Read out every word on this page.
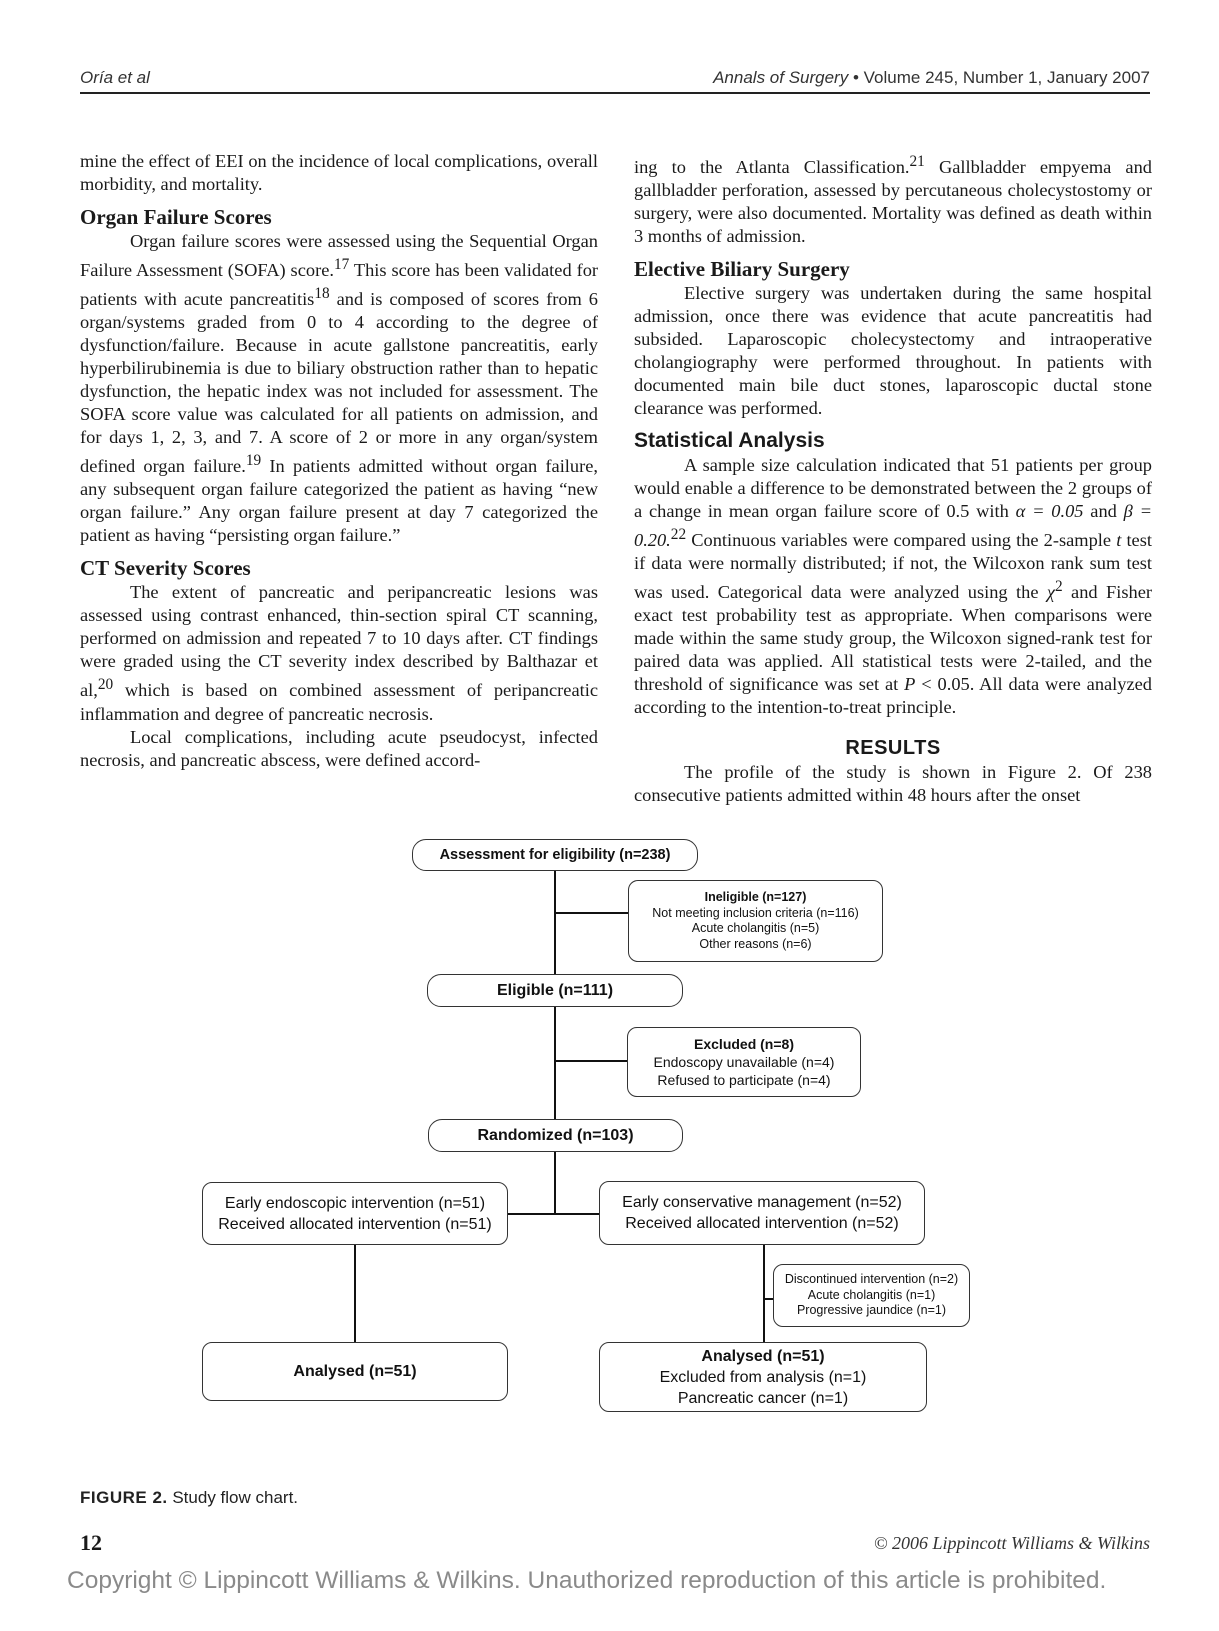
Oría et al	Annals of Surgery • Volume 245, Number 1, January 2007

mine the effect of EEI on the incidence of local complications, overall morbidity, and mortality.

Organ Failure Scores

Organ failure scores were assessed using the Sequential Organ Failure Assessment (SOFA) score.$^{17}$ This score has been validated for patients with acute pancreatitis$^{18}$ and is composed of scores from 6 organ/systems graded from 0 to 4 according to the degree of dysfunction/failure. Because in acute gallstone pancreatitis, early hyperbilirubinemia is due to biliary obstruction rather than to hepatic dysfunction, the hepatic index was not included for assessment. The SOFA score value was calculated for all patients on admission, and for days 1, 2, 3, and 7. A score of 2 or more in any organ/system defined organ failure.$^{19}$ In patients admitted without organ failure, any subsequent organ failure categorized the patient as having “new organ failure.” Any organ failure present at day 7 categorized the patient as having “persisting organ failure.”

CT Severity Scores

The extent of pancreatic and peripancreatic lesions was assessed using contrast enhanced, thin-section spiral CT scanning, performed on admission and repeated 7 to 10 days after. CT findings were graded using the CT severity index described by Balthazar et al,$^{20}$ which is based on combined assessment of peripancreatic inflammation and degree of pancreatic necrosis.

Local complications, including acute pseudocyst, infected necrosis, and pancreatic abscess, were defined accord-

ing to the Atlanta Classification.$^{21}$ Gallbladder empyema and gallbladder perforation, assessed by percutaneous cholecystostomy or surgery, were also documented. Mortality was defined as death within 3 months of admission.

Elective Biliary Surgery

Elective surgery was undertaken during the same hospital admission, once there was evidence that acute pancreatitis had subsided. Laparoscopic cholecystectomy and intraoperative cholangiography were performed throughout. In patients with documented main bile duct stones, laparoscopic ductal stone clearance was performed.

Statistical Analysis

A sample size calculation indicated that 51 patients per group would enable a difference to be demonstrated between the 2 groups of a change in mean organ failure score of 0.5 with α = 0.05 and β = 0.20.22 Continuous variables were compared using the 2-sample t test if data were normally distributed; if not, the Wilcoxon rank sum test was used. Categorical data were analyzed using the $\chi^2$ and Fisher exact test probability test as appropriate. When comparisons were made within the same study group, the Wilcoxon signed-rank test for paired data was applied. All statistical tests were 2-tailed, and the threshold of significance was set at P < 0.05. All data were analyzed according to the intention-to-treat principle.

RESULTS

The profile of the study is shown in Figure 2. Of 238 consecutive patients admitted within 48 hours after the onset

Assessment for eligibility (n=238)
Ineligible (n=127)
Not meeting inclusion criteria (n=116)
Acute cholangitis (n=5)
Other reasons (n=6)
Eligible (n=111)
Excluded (n=8)
Endoscopy unavailable (n=4)
Refused to participate (n=4)
Randomized (n=103)
Early endoscopic intervention (n=51)
Received allocated intervention (n=51)
Early conservative management (n=52)
Received allocated intervention (n=52)
Discontinued intervention (n=2)
Acute cholangitis (n=1)
Progressive jaundice (n=1)
Analysed (n=51)
Analysed (n=51)
Excluded from analysis (n=1)
Pancreatic cancer (n=1)
FIGURE 2. Study flow chart.
12	© 2006 Lippincott Williams & Wilkins
Copyright © Lippincott Williams & Wilkins. Unauthorized reproduction of this article is prohibited.
